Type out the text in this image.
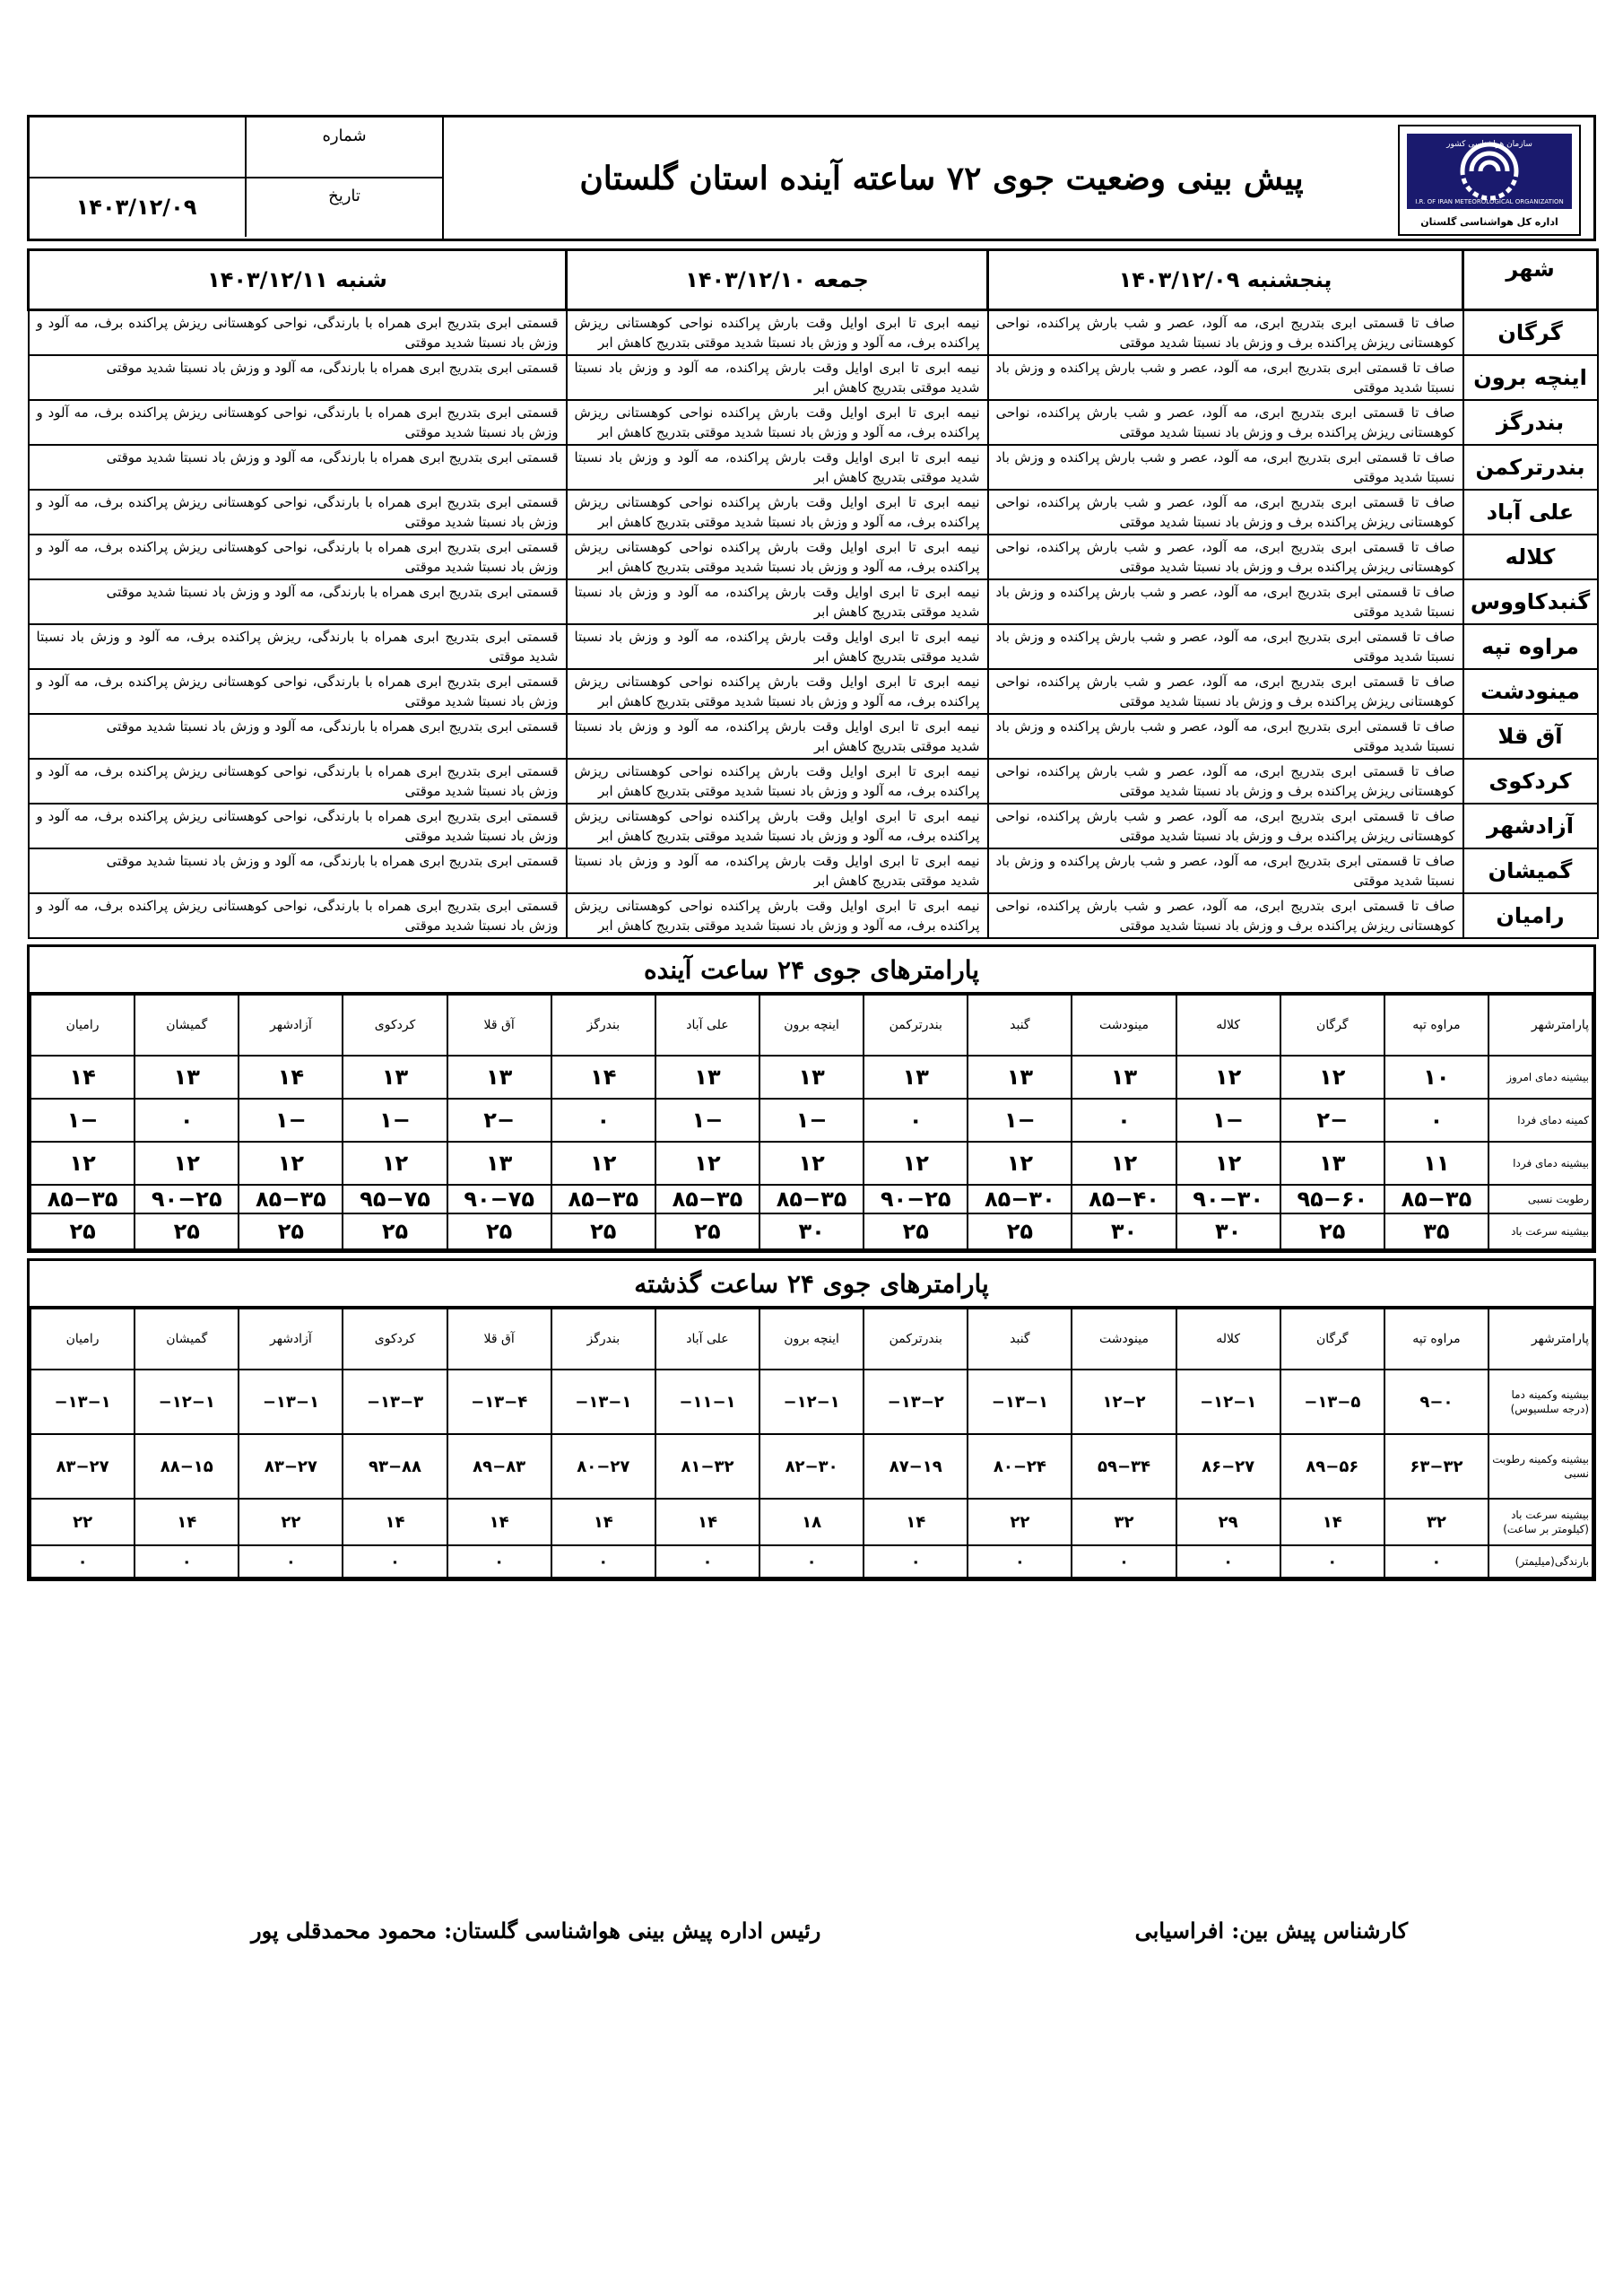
سازمان هواشناسی کشور
I.R. OF IRAN METEOROLOGICAL ORGANIZATION
اداره کل هواشناسی گلستان
پیش بینی وضعیت جوی ۷۲ ساعته آینده استان گلستان
شماره
تاریخ
۱۴۰۳/۱۲/۰۹
شهر	پنجشنبه ۱۴۰۳/۱۲/۰۹	جمعه ۱۴۰۳/۱۲/۱۰	شنبه ۱۴۰۳/۱۲/۱۱
گرگان	صاف تا قسمتی ابری بتدریج ابری، مه آلود، عصر و شب بارش پراکنده، نواحی کوهستانی ریزش پراکنده برف و وزش باد نسبتا شدید موقتی	نیمه ابری تا ابری اوایل وقت بارش پراکنده نواحی کوهستانی ریزش پراکنده برف، مه آلود و وزش باد نسبتا شدید موقتی بتدریج کاهش ابر	قسمتی ابری بتدریج ابری همراه با بارندگی، نواحی کوهستانی ریزش پراکنده برف، مه آلود و وزش باد نسبتا شدید موقتی
اینچه برون	صاف تا قسمتی ابری بتدریج ابری، مه آلود، عصر و شب بارش پراکنده و وزش باد نسبتا شدید موقتی	نیمه ابری تا ابری اوایل وقت بارش پراکنده، مه آلود و وزش باد نسبتا شدید موقتی بتدریج کاهش ابر	قسمتی ابری بتدریج ابری همراه با بارندگی، مه آلود و وزش باد نسبتا شدید موقتی
بندرگز	صاف تا قسمتی ابری بتدریج ابری، مه آلود، عصر و شب بارش پراکنده، نواحی کوهستانی ریزش پراکنده برف و وزش باد نسبتا شدید موقتی	نیمه ابری تا ابری اوایل وقت بارش پراکنده نواحی کوهستانی ریزش پراکنده برف، مه آلود و وزش باد نسبتا شدید موقتی بتدریج کاهش ابر	قسمتی ابری بتدریج ابری همراه با بارندگی، نواحی کوهستانی ریزش پراکنده برف، مه آلود و وزش باد نسبتا شدید موقتی
بندرترکمن	صاف تا قسمتی ابری بتدریج ابری، مه آلود، عصر و شب بارش پراکنده و وزش باد نسبتا شدید موقتی	نیمه ابری تا ابری اوایل وقت بارش پراکنده، مه آلود و وزش باد نسبتا شدید موقتی بتدریج کاهش ابر	قسمتی ابری بتدریج ابری همراه با بارندگی، مه آلود و وزش باد نسبتا شدید موقتی
علی آباد	صاف تا قسمتی ابری بتدریج ابری، مه آلود، عصر و شب بارش پراکنده، نواحی کوهستانی ریزش پراکنده برف و وزش باد نسبتا شدید موقتی	نیمه ابری تا ابری اوایل وقت بارش پراکنده نواحی کوهستانی ریزش پراکنده برف، مه آلود و وزش باد نسبتا شدید موقتی بتدریج کاهش ابر	قسمتی ابری بتدریج ابری همراه با بارندگی، نواحی کوهستانی ریزش پراکنده برف، مه آلود و وزش باد نسبتا شدید موقتی
کلاله	صاف تا قسمتی ابری بتدریج ابری، مه آلود، عصر و شب بارش پراکنده، نواحی کوهستانی ریزش پراکنده برف و وزش باد نسبتا شدید موقتی	نیمه ابری تا ابری اوایل وقت بارش پراکنده نواحی کوهستانی ریزش پراکنده برف، مه آلود و وزش باد نسبتا شدید موقتی بتدریج کاهش ابر	قسمتی ابری بتدریج ابری همراه با بارندگی، نواحی کوهستانی ریزش پراکنده برف، مه آلود و وزش باد نسبتا شدید موقتی
گنبدکاووس	صاف تا قسمتی ابری بتدریج ابری، مه آلود، عصر و شب بارش پراکنده و وزش باد نسبتا شدید موقتی	نیمه ابری تا ابری اوایل وقت بارش پراکنده، مه آلود و وزش باد نسبتا شدید موقتی بتدریج کاهش ابر	قسمتی ابری بتدریج ابری همراه با بارندگی، مه آلود و وزش باد نسبتا شدید موقتی
مراوه تپه	صاف تا قسمتی ابری بتدریج ابری، مه آلود، عصر و شب بارش پراکنده و وزش باد نسبتا شدید موقتی	نیمه ابری تا ابری اوایل وقت بارش پراکنده، مه آلود و وزش باد نسبتا شدید موقتی بتدریج کاهش ابر	قسمتی ابری بتدریج ابری همراه با بارندگی، ریزش پراکنده برف، مه آلود و وزش باد نسبتا شدید موقتی
مینودشت	صاف تا قسمتی ابری بتدریج ابری، مه آلود، عصر و شب بارش پراکنده، نواحی کوهستانی ریزش پراکنده برف و وزش باد نسبتا شدید موقتی	نیمه ابری تا ابری اوایل وقت بارش پراکنده نواحی کوهستانی ریزش پراکنده برف، مه آلود و وزش باد نسبتا شدید موقتی بتدریج کاهش ابر	قسمتی ابری بتدریج ابری همراه با بارندگی، نواحی کوهستانی ریزش پراکنده برف، مه آلود و وزش باد نسبتا شدید موقتی
آق قلا	صاف تا قسمتی ابری بتدریج ابری، مه آلود، عصر و شب بارش پراکنده و وزش باد نسبتا شدید موقتی	نیمه ابری تا ابری اوایل وقت بارش پراکنده، مه آلود و وزش باد نسبتا شدید موقتی بتدریج کاهش ابر	قسمتی ابری بتدریج ابری همراه با بارندگی، مه آلود و وزش باد نسبتا شدید موقتی
کردکوی	صاف تا قسمتی ابری بتدریج ابری، مه آلود، عصر و شب بارش پراکنده، نواحی کوهستانی ریزش پراکنده برف و وزش باد نسبتا شدید موقتی	نیمه ابری تا ابری اوایل وقت بارش پراکنده نواحی کوهستانی ریزش پراکنده برف، مه آلود و وزش باد نسبتا شدید موقتی بتدریج کاهش ابر	قسمتی ابری بتدریج ابری همراه با بارندگی، نواحی کوهستانی ریزش پراکنده برف، مه آلود و وزش باد نسبتا شدید موقتی
آزادشهر	صاف تا قسمتی ابری بتدریج ابری، مه آلود، عصر و شب بارش پراکنده، نواحی کوهستانی ریزش پراکنده برف و وزش باد نسبتا شدید موقتی	نیمه ابری تا ابری اوایل وقت بارش پراکنده نواحی کوهستانی ریزش پراکنده برف، مه آلود و وزش باد نسبتا شدید موقتی بتدریج کاهش ابر	قسمتی ابری بتدریج ابری همراه با بارندگی، نواحی کوهستانی ریزش پراکنده برف، مه آلود و وزش باد نسبتا شدید موقتی
گمیشان	صاف تا قسمتی ابری بتدریج ابری، مه آلود، عصر و شب بارش پراکنده و وزش باد نسبتا شدید موقتی	نیمه ابری تا ابری اوایل وقت بارش پراکنده، مه آلود و وزش باد نسبتا شدید موقتی بتدریج کاهش ابر	قسمتی ابری بتدریج ابری همراه با بارندگی، مه آلود و وزش باد نسبتا شدید موقتی
رامیان	صاف تا قسمتی ابری بتدریج ابری، مه آلود، عصر و شب بارش پراکنده، نواحی کوهستانی ریزش پراکنده برف و وزش باد نسبتا شدید موقتی	نیمه ابری تا ابری اوایل وقت بارش پراکنده نواحی کوهستانی ریزش پراکنده برف، مه آلود و وزش باد نسبتا شدید موقتی بتدریج کاهش ابر	قسمتی ابری بتدریج ابری همراه با بارندگی، نواحی کوهستانی ریزش پراکنده برف، مه آلود و وزش باد نسبتا شدید موقتی
پارامترهای جوی ۲۴ ساعت آینده
پارامترشهر	مراوه تپه	گرگان	کلاله	مینودشت	گنبد	بندرترکمن	اینچه برون	علی آباد	بندرگز	آق قلا	کردکوی	آزادشهر	گمیشان	رامیان
بیشینه دمای امروز	۱۰	۱۲	۱۲	۱۳	۱۳	۱۳	۱۳	۱۳	۱۴	۱۳	۱۳	۱۴	۱۳	۱۴
کمینه دمای فردا	۰	−۲	−۱	۰	−۱	۰	−۱	−۱	۰	−۲	−۱	−۱	۰	−۱
بیشینه دمای فردا	۱۱	۱۳	۱۲	۱۲	۱۲	۱۲	۱۲	۱۲	۱۲	۱۳	۱۲	۱۲	۱۲	۱۲
رطوبت نسبی	۸۵−۳۵	۹۵−۶۰	۹۰−۳۰	۸۵−۴۰	۸۵−۳۰	۹۰−۲۵	۸۵−۳۵	۸۵−۳۵	۸۵−۳۵	۹۰−۷۵	۹۵−۷۵	۸۵−۳۵	۹۰−۲۵	۸۵−۳۵
بیشینه سرعت باد	۳۵	۲۵	۳۰	۳۰	۲۵	۲۵	۳۰	۲۵	۲۵	۲۵	۲۵	۲۵	۲۵	۲۵
پارامترهای جوی ۲۴ ساعت گذشته
پارامترشهر	مراوه تپه	گرگان	کلاله	مینودشت	گنبد	بندرترکمن	اینچه برون	علی آباد	بندرگز	آق قلا	کردکوی	آزادشهر	گمیشان	رامیان
بیشینه وکمینه دما (درجه سلسیوس)	۹−۰	۱۳−۵−	۱۲−۱−	۱۲−۲	۱۳−۱−	۱۳−۲−	۱۲−۱−	۱۱−۱−	۱۳−۱−	۱۳−۴−	۱۳−۳−	۱۳−۱−	۱۲−۱−	۱۳−۱−
بیشینه وکمینه رطوبت نسبی	۶۳−۳۲	۸۹−۵۶	۸۶−۲۷	۵۹−۳۴	۸۰−۲۴	۸۷−۱۹	۸۲−۳۰	۸۱−۳۲	۸۰−۲۷	۸۹−۸۳	۹۳−۸۸	۸۳−۲۷	۸۸−۱۵	۸۳−۲۷
بیشینه سرعت باد (کیلومتر بر ساعت)	۳۲	۱۴	۲۹	۳۲	۲۲	۱۴	۱۸	۱۴	۱۴	۱۴	۱۴	۲۲	۱۴	۲۲
بارندگی(میلیمتر)	۰	۰	۰	۰	۰	۰	۰	۰	۰	۰	۰	۰	۰	۰
کارشناس پیش بین: افراسیابی
رئیس اداره پیش بینی هواشناسی گلستان: محمود محمدقلی پور
